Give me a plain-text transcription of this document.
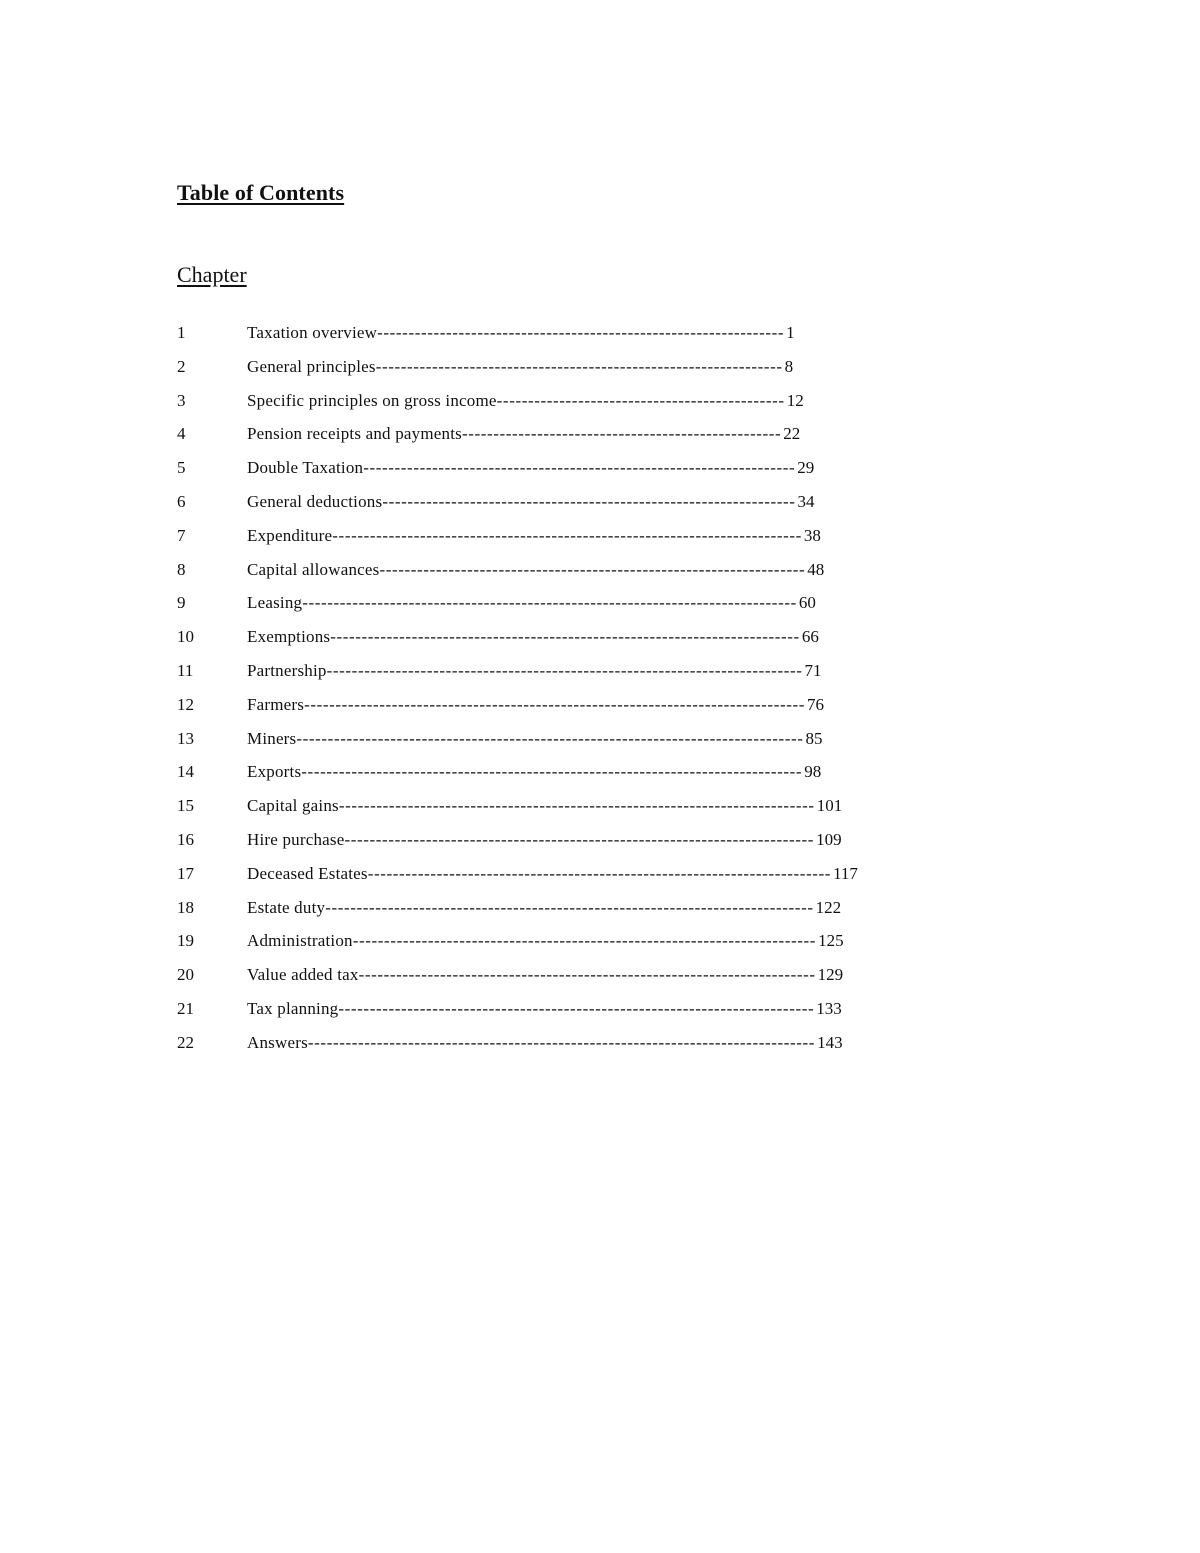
Table of Contents
Chapter
1	Taxation overview ----------------------------------------------------------------- 1
2	General principles ----------------------------------------------------------------- 8
3	Specific principles on gross income ---------------------------------------------- 12
4	Pension receipts and payments --------------------------------------------------- 22
5	Double Taxation --------------------------------------------------------------------- 29
6	General deductions ------------------------------------------------------------------ 34
7	Expenditure --------------------------------------------------------------------------- 38
8	Capital allowances -------------------------------------------------------------------- 48
9	Leasing ------------------------------------------------------------------------------- 60
10	Exemptions --------------------------------------------------------------------------- 66
11	Partnership ---------------------------------------------------------------------------- 71
12	Farmers -------------------------------------------------------------------------------- 76
13	Miners --------------------------------------------------------------------------------- 85
14	Exports -------------------------------------------------------------------------------- 98
15	Capital gains ---------------------------------------------------------------------------- 101
16	Hire purchase --------------------------------------------------------------------------- 109
17	Deceased Estates -------------------------------------------------------------------------- 117
18	Estate duty ------------------------------------------------------------------------------ 122
19	Administration -------------------------------------------------------------------------- 125
20	Value added tax ------------------------------------------------------------------------- 129
21	Tax planning ---------------------------------------------------------------------------- 133
22	Answers --------------------------------------------------------------------------------- 143
